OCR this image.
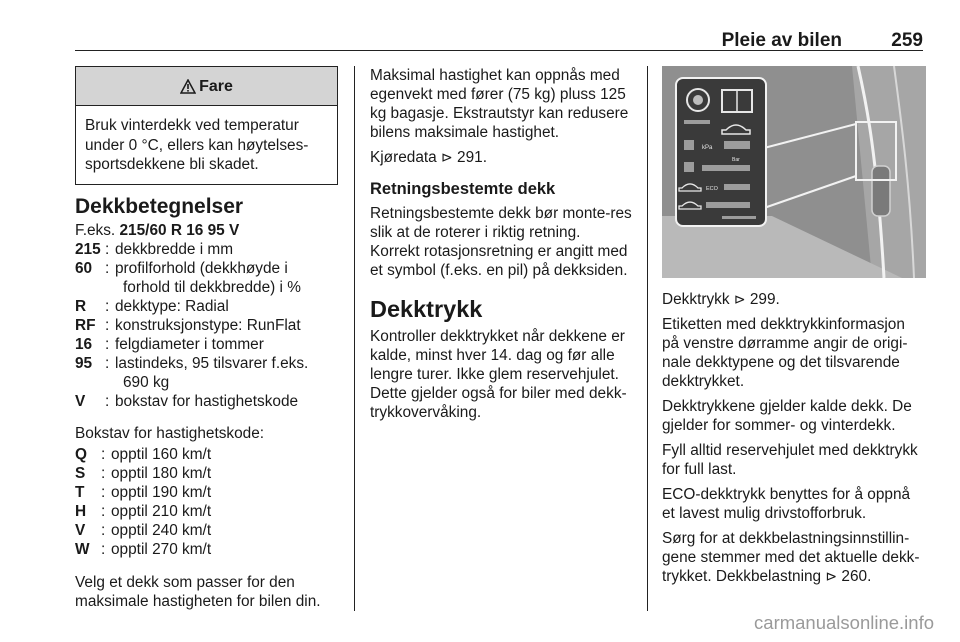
Pleie av bilen	259
Fare
Bruk vinterdekk ved temperatur under 0 °C, ellers kan høytelses-sportsdekkene bli skadet.
Dekkbetegnelser

F.eks. 215/60 R 16 95 V

215 : dekkbredde i mm
60 : profilforhold (dekkhøyde i
forhold til dekkbredde) i %
R	: dekktype: Radial
RF : konstruksjonstype: RunFlat
16 : felgdiameter i tommer
95 : lastindeks, 95 tilsvarer f.eks.
690 kg
V	: bokstav for hastighetskode

Bokstav for hastighetskode:

Q : opptil 160 km/t
S	: opptil 180 km/t
T	: opptil 190 km/t
H : opptil 210 km/t
V	: opptil 240 km/t
W : opptil 270 km/t

Velg et dekk som passer for den maksimale hastigheten for bilen din.

Maksimal hastighet kan oppnås med egenvekt med fører (75 kg) pluss 125 kg bagasje. Ekstrautstyr kan redusere bilens maksimale hastighet.

Kjøredata ⊳ 291.

Retningsbestemte dekk

Retningsbestemte dekk bør monte-res slik at de roterer i riktig retning. Korrekt rotasjonsretning er angitt med et symbol (f.eks. en pil) på dekksiden.

Dekktrykk

Kontroller dekktrykket når dekkene er kalde, minst hver 14. dag og før alle lengre turer. Ikke glem reservehjulet. Dette gjelder også for biler med dekk-trykkovervåking.

kPa
Bar
ECO

Dekktrykk ⊳ 299.

Etiketten med dekktrykkinformasjon på venstre dørramme angir de origi-nale dekktypene og det tilsvarende dekktrykket.

Dekktrykkene gjelder kalde dekk. De gjelder for sommer- og vinterdekk.

Fyll alltid reservehjulet med dekktrykk for full last.

ECO-dekktrykk benyttes for å oppnå et lavest mulig drivstofforbruk.

Sørg for at dekkbelastningsinnstillin-gene stemmer med det aktuelle dekk-trykket. Dekkbelastning ⊳ 260.

carmanualsonline.info
